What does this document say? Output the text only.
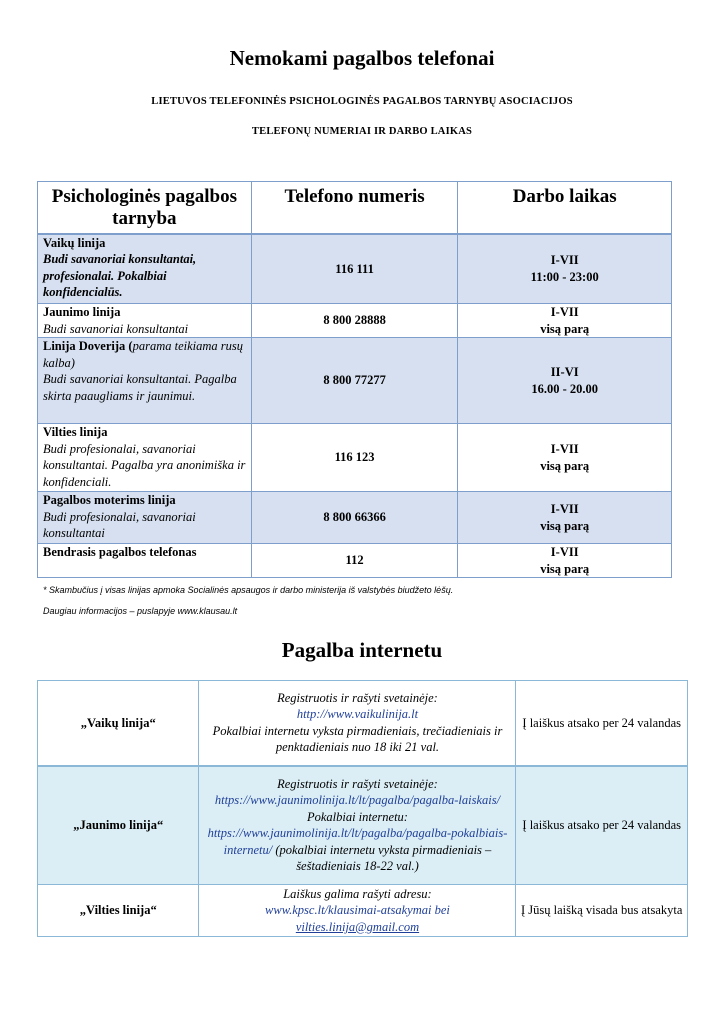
Nemokami pagalbos telefonai
LIETUVOS TELEFONINĖS PSICHOLOGINĖS PAGALBOS TARNYBŲ ASOCIACIJOS
TELEFONŲ NUMERIAI IR DARBO LAIKAS
Psichologinės pagalbos tarnyba	Telefono numeris	Darbo laikas

Vaikų linija
Budi savanoriai konsultantai, profesionalai. Pokalbiai konfidencialūs.	116 111	I-VII
11:00 - 23:00

Jaunimo linija
Budi savanoriai konsultantai	8 800 28888	I-VII
visą parą

Linija Doverija (parama teikiama rusų kalba)
Budi savanoriai konsultantai. Pagalba skirta paaugliams ir jaunimui.	8 800 77277	II-VI
16.00 - 20.00

Vilties linija
Budi profesionalai, savanoriai konsultantai. Pagalba yra anonimiška ir konfidenciali.	116 123	I-VII
visą parą

Pagalbos moterims linija
Budi profesionalai, savanoriai konsultantai	8 800 66366	I-VII
visą parą

Bendrasis pagalbos telefonas	112	I-VII
visą parą
* Skambučius į visas linijas apmoka Socialinės apsaugos ir darbo ministerija iš valstybės biudžeto lėšų.
Daugiau informacijos – puslapyje www.klausau.lt
Pagalba internetu
„Vaikų linija“	Registruotis ir rašyti svetainėje:
http://www.vaikulinija.lt
Pokalbiai internetu vyksta pirmadieniais, trečiadieniais ir penktadieniais nuo 18 iki 21 val.	Į laiškus atsako per 24 valandas
„Jaunimo linija“	Registruotis ir rašyti svetainėje:
https://www.jaunimolinija.lt/lt/pagalba/pagalba-laiskais/
Pokalbiai internetu:
https://www.jaunimolinija.lt/lt/pagalba/pagalba-pokalbiais-internetu/ (pokalbiai internetu vyksta pirmadieniais – šeštadieniais 18-22 val.)	Į laiškus atsako per 24 valandas
„Vilties linija“	Laiškus galima rašyti adresu:
www.kpsc.lt/klausimai-atsakymai bei
vilties.linija@gmail.com	Į Jūsų laišką visada bus atsakyta
